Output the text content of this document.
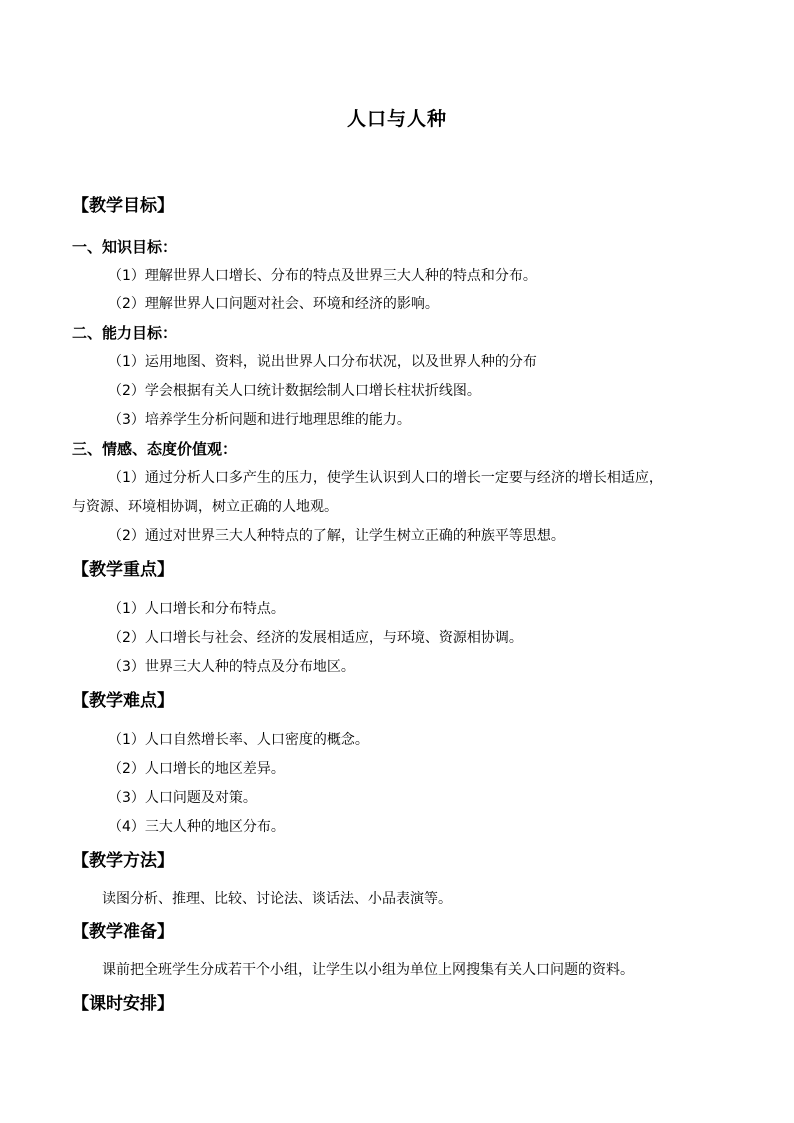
人口与人种
【教学目标】
一、知识目标：
（1）理解世界人口增长、分布的特点及世界三大人种的特点和分布。
（2）理解世界人口问题对社会、环境和经济的影响。
二、能力目标：
（1）运用地图、资料，说出世界人口分布状况，以及世界人种的分布
（2）学会根据有关人口统计数据绘制人口增长柱状折线图。
（3）培养学生分析问题和进行地理思维的能力。
三、情感、态度价值观：
（1）通过分析人口多产生的压力，使学生认识到人口的增长一定要与经济的增长相适应，
与资源、环境相协调，树立正确的人地观。
（2）通过对世界三大人种特点的了解，让学生树立正确的种族平等思想。
【教学重点】
（1）人口增长和分布特点。
（2）人口增长与社会、经济的发展相适应，与环境、资源相协调。
（3）世界三大人种的特点及分布地区。
【教学难点】
（1）人口自然增长率、人口密度的概念。
（2）人口增长的地区差异。
（3）人口问题及对策。
（4）三大人种的地区分布。
【教学方法】
读图分析、推理、比较、讨论法、谈话法、小品表演等。
【教学准备】
课前把全班学生分成若干个小组，让学生以小组为单位上网搜集有关人口问题的资料。
【课时安排】
